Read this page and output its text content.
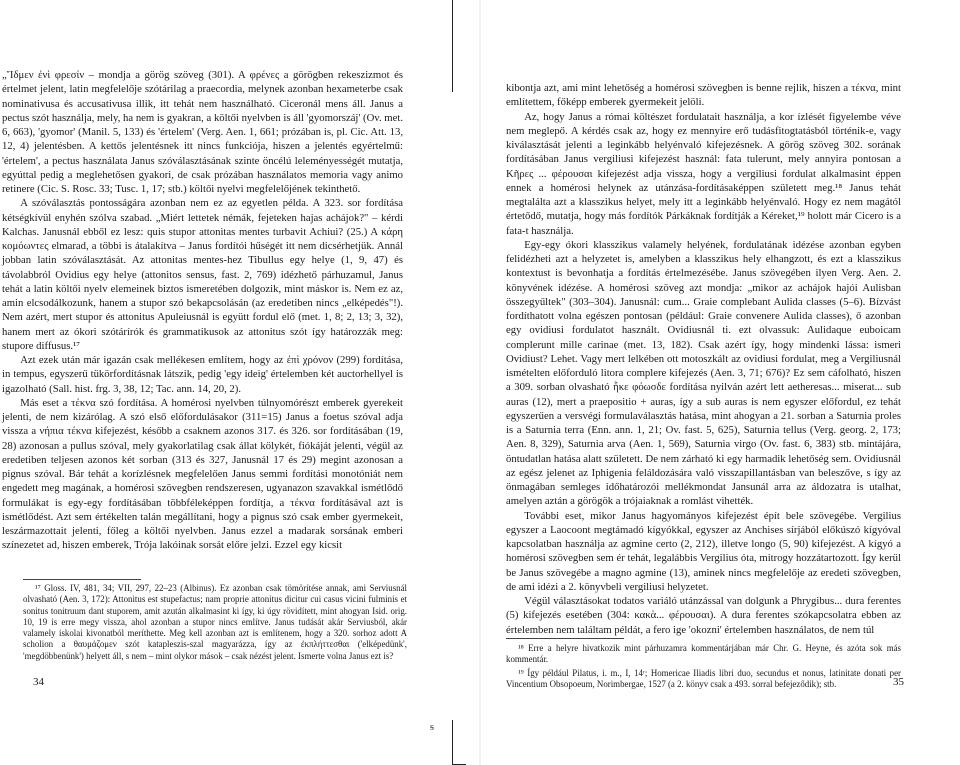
ᵴ

„Ἴδμεν ἐνὶ φρεσίν – mondja a görög szöveg (301). A φρένες a görögben rekeszizmot és értelmet jelent, latin megfelelője szótárilag a praecordia, melynek azonban hexameterbe csak nominativusa és accusativusa illik, itt tehát nem használható. Ciceronál mens áll. Janus a pectus szót használja, mely, ha nem is gyakran, a költői nyelvben is áll 'gyomorszáj' (Ov. met. 6, 663), 'gyomor' (Manil. 5, 133) és 'értelem' (Verg. Aen. 1, 661; prózában is, pl. Cic. Att. 13, 12, 4) jelentésben. A kettős jelentésnek itt nincs funkciója, hiszen a jelentés egyértelmű: 'értelem', a pectus használata Janus szóválasztásának szinte öncélú leleményességét mutatja, egyúttal pedig a meglehetősen gyakori, de csak prózában használatos memoria vagy animo retinere (Cic. S. Rosc. 33; Tusc. 1, 17; stb.) költői nyelvi megfelelőjének tekinthető.

A szóválasztás pontosságára azonban nem ez az egyetlen példa. A 323. sor fordítása kétségkívül enyhén szólva szabad. „Miért lettetek némák, fejeteken hajas achájok?" – kérdi Kalchas. Janusnál ebből ez lesz: quis stupor attonitas mentes turbavit Achiui? (25.) A κάρη κομόωντες elmarad, a többi is átalakítva – Janus fordítói hűségét itt nem dicsérhetjük. Annál jobban latin szóválasztását. Az attonitas mentes-hez Tibullus egy helye (1, 9, 47) és távolabbról Ovidius egy helye (attonitos sensus, fast. 2, 769) idézhető párhuzamul, Janus tehát a latin költői nyelv elemeinek biztos ismeretében dolgozik, mint máskor is. Nem ez az, amin elcsodálkozunk, hanem a stupor szó bekapcsolásán (az eredetiben nincs „elképedés"!). Nem azért, mert stupor és attonitus Apuleiusnál is együtt fordul elő (met. 1, 8; 2, 13; 3, 32), hanem mert az ókori szótárírók és grammatikusok az attonitus szót így határozzák meg: stupore diffusus.¹⁷

Azt ezek után már igazán csak mellékesen említem, hogy az ἐπὶ χρόνον (299) fordítása, in tempus, egyszerű tükörfordításnak látszik, pedig 'egy ideig' értelemben két auctorhellyel is igazolható (Sall. hist. frg. 3, 38, 12; Tac. ann. 14, 20, 2).

Más eset a τέκνα szó fordítása. A homérosi nyelvben túlnyomórészt emberek gyerekeit jelenti, de nem kizárólag. A szó első előfordulásakor (311=15) Janus a foetus szóval adja vissza a νήπια τέκνα kifejezést, később a csaknem azonos 317. és 326. sor fordításában (19, 28) azonosan a pullus szóval, mely gyakorlatilag csak állat kölykét, fiókáját jelenti, végül az eredetiben teljesen azonos két sorban (313 és 327, Janusnál 17 és 29) megint azonosan a pignus szóval. Bár tehát a korízlésnek megfelelően Janus semmi fordítási monotóniát nem engedett meg magának, a homérosi szövegben rendszeresen, ugyanazon szavakkal ismétlődő formulákat is egy-egy fordításában többféleképpen fordítja, a τέκνα fordításával azt is ismétlődést. Azt sem értékelten talán megállítani, hogy a pignus szó csak ember gyermekeit, leszármazottait jelenti, főleg a költői nyelvben. Janus ezzel a madarak sorsának emberi színezetet ad, hiszen emberek, Trója lakóinak sorsát előre jelzi. Ezzel egy kicsit

¹⁷ Gloss. IV, 481, 34; VII, 297, 22–23 (Albinus). Ez azonban csak tömörítése annak, ami Serviusnál olvasható (Aen. 3, 172): Attonitus est stupefactus; nam proprie attonitus dicitur cui casus vicini fulminis et sonitus tonitruum dant stuporem, amit azután alkalmasint ki így, ki úgy rövidített, mint ahogyan Isid. orig. 10, 19 is erre megy vissza, ahol azonban a stupor nincs említve. Janus tudását akár Serviusból, akár valamely iskolai kivonatból meríthette. Meg kell azonban azt is említenem, hogy a 320. sorhoz adott A scholion a θαυμάζομεν szót katapleszis-szal magyarázza, így az ἐκπλήττεσθαι ('elképedünk', 'megdöbbenünk') helyett áll, s nem – mint olykor mások – csak nézést jelent. Ismerte volna Janus ezt is?

34

kibontja azt, ami mint lehetőség a homérosi szövegben is benne rejlik, hiszen a τέκνα, mint említettem, főképp emberek gyermekeit jelöli.

Az, hogy Janus a római költészet fordulatait használja, a kor ízlését figyelembe véve nem meglepő. A kérdés csak az, hogy ez mennyire erő tudásfitogtatásból történik-e, vagy kiválasztását jelenti a leginkább helyénvaló kifejezésnek. A görög szöveg 302. sorának fordításában Janus vergiliusi kifejezést használ: fata tulerunt, mely annyira pontosan a Κῆρες ... φέρουσαι kifejezést adja vissza, hogy a vergiliusi fordulat alkalmasint éppen ennek a homérosi helynek az utánzása-fordításaképpen született meg.¹⁸ Janus tehát megtalálta azt a klasszikus helyet, mely itt a leginkább helyénvaló. Hogy ez nem magától értetődő, mutatja, hogy más fordítók Párkáknak fordítják a Kéreket,¹⁹ holott már Cicero is a fata-t használja.

Egy-egy ókori klasszikus valamely helyének, fordulatának idézése azonban egyben felidézheti azt a helyzetet is, amelyben a klasszikus hely elhangzott, és ezt a klasszikus kontextust is bevonhatja a fordítás értelmezésébe. Janus szövegében ilyen Verg. Aen. 2. könyvének idézése. A homérosi szöveg azt mondja: „mikor az achájok hajói Aulisban összegyűltek" (303–304). Janusnál: cum... Graie complebant Aulida classes (5–6). Bízvást fordíthatott volna egészen pontosan (például: Graie convenere Aulida classes), ő azonban egy ovidiusi fordulatot használt. Ovidiusnál ti. ezt olvassuk: Aulidaque euboicam complerunt mille carinae (met. 13, 182). Csak azért így, hogy mindenki lássa: ismeri Ovidiust? Lehet. Vagy mert lelkében ott motoszkált az ovidiusi fordulat, meg a Vergiliusnál ismételten előforduló litora complere kifejezés (Aen. 3, 71; 676)? Ez sem cáfolható, hiszen a 309. sorban olvasható ἧκε φόωσδε fordítása nyilván azért lett aetheresas... miserat... sub auras (12), mert a praepositio + auras, így a sub auras is nem egyszer előfordul, ez tehát egyszerűen a versvégi formulaválasztás hatása, mint ahogyan a 21. sorban a Saturnia proles is a Saturnia terra (Enn. ann. 1, 21; Ov. fast. 5, 625), Saturnia tellus (Verg. georg. 2, 173; Aen. 8, 329), Saturnia arva (Aen. 1, 569), Saturnia virgo (Ov. fast. 6, 383) stb. mintájára, öntudatlan hatása alatt született. De nem zárható ki egy harmadik lehetőség sem. Ovidiusnál az egész jelenet az Iphigenia feláldozására való visszapillantásban van beleszőve, s így az önmagában semleges időhatározói mellékmondat Jansunál arra az áldozatra is utalhat, amelyen aztán a görögök a trójaiaknak a romlást vihették.

További eset, mikor Janus hagyományos kifejezést épít bele szövegébe. Vergilius egyszer a Laocoont megtámadó kígyókkal, egyszer az Anchises sírjából előkúszó kígyóval kapcsolatban használja az agmine certo (2, 212), illetve longo (5, 90) kifejezést. A kígyó a homérosi szövegben sem ér tehát, legalábbis Vergilius óta, mitrogy hozzátartozott. Így kerül be Janus szövegébe a magno agmine (13), aminek nincs megfelelője az eredeti szövegben, de ami idézi a 2. könyvbeli vergiliusi helyzetet.

Végül választásokat todatos variáló utánzással van dolgunk a Phrygibus... dura ferentes (5) kifejezés esetében (304: κακὰ... φέρουσαι). A dura ferentes szókapcsolatra ebben az értelemben nem találtam példát, a fero ige 'okozni' értelemben használatos, de nem túl

¹⁸ Erre a helyre hivatkozik mint párhuzamra kommentárjában már Chr. G. Heyne, és azóta sok más kommentár.

¹⁹ Így például Pilatus, i. m., I, 14ʳ; Homericae Iliadis libri duo, secundus et nonus, latinitate donati per Vincentium Obsopoeum, Norimbergae, 1527 (a 2. könyv csak a 493. sorral befejeződik); stb.	35
